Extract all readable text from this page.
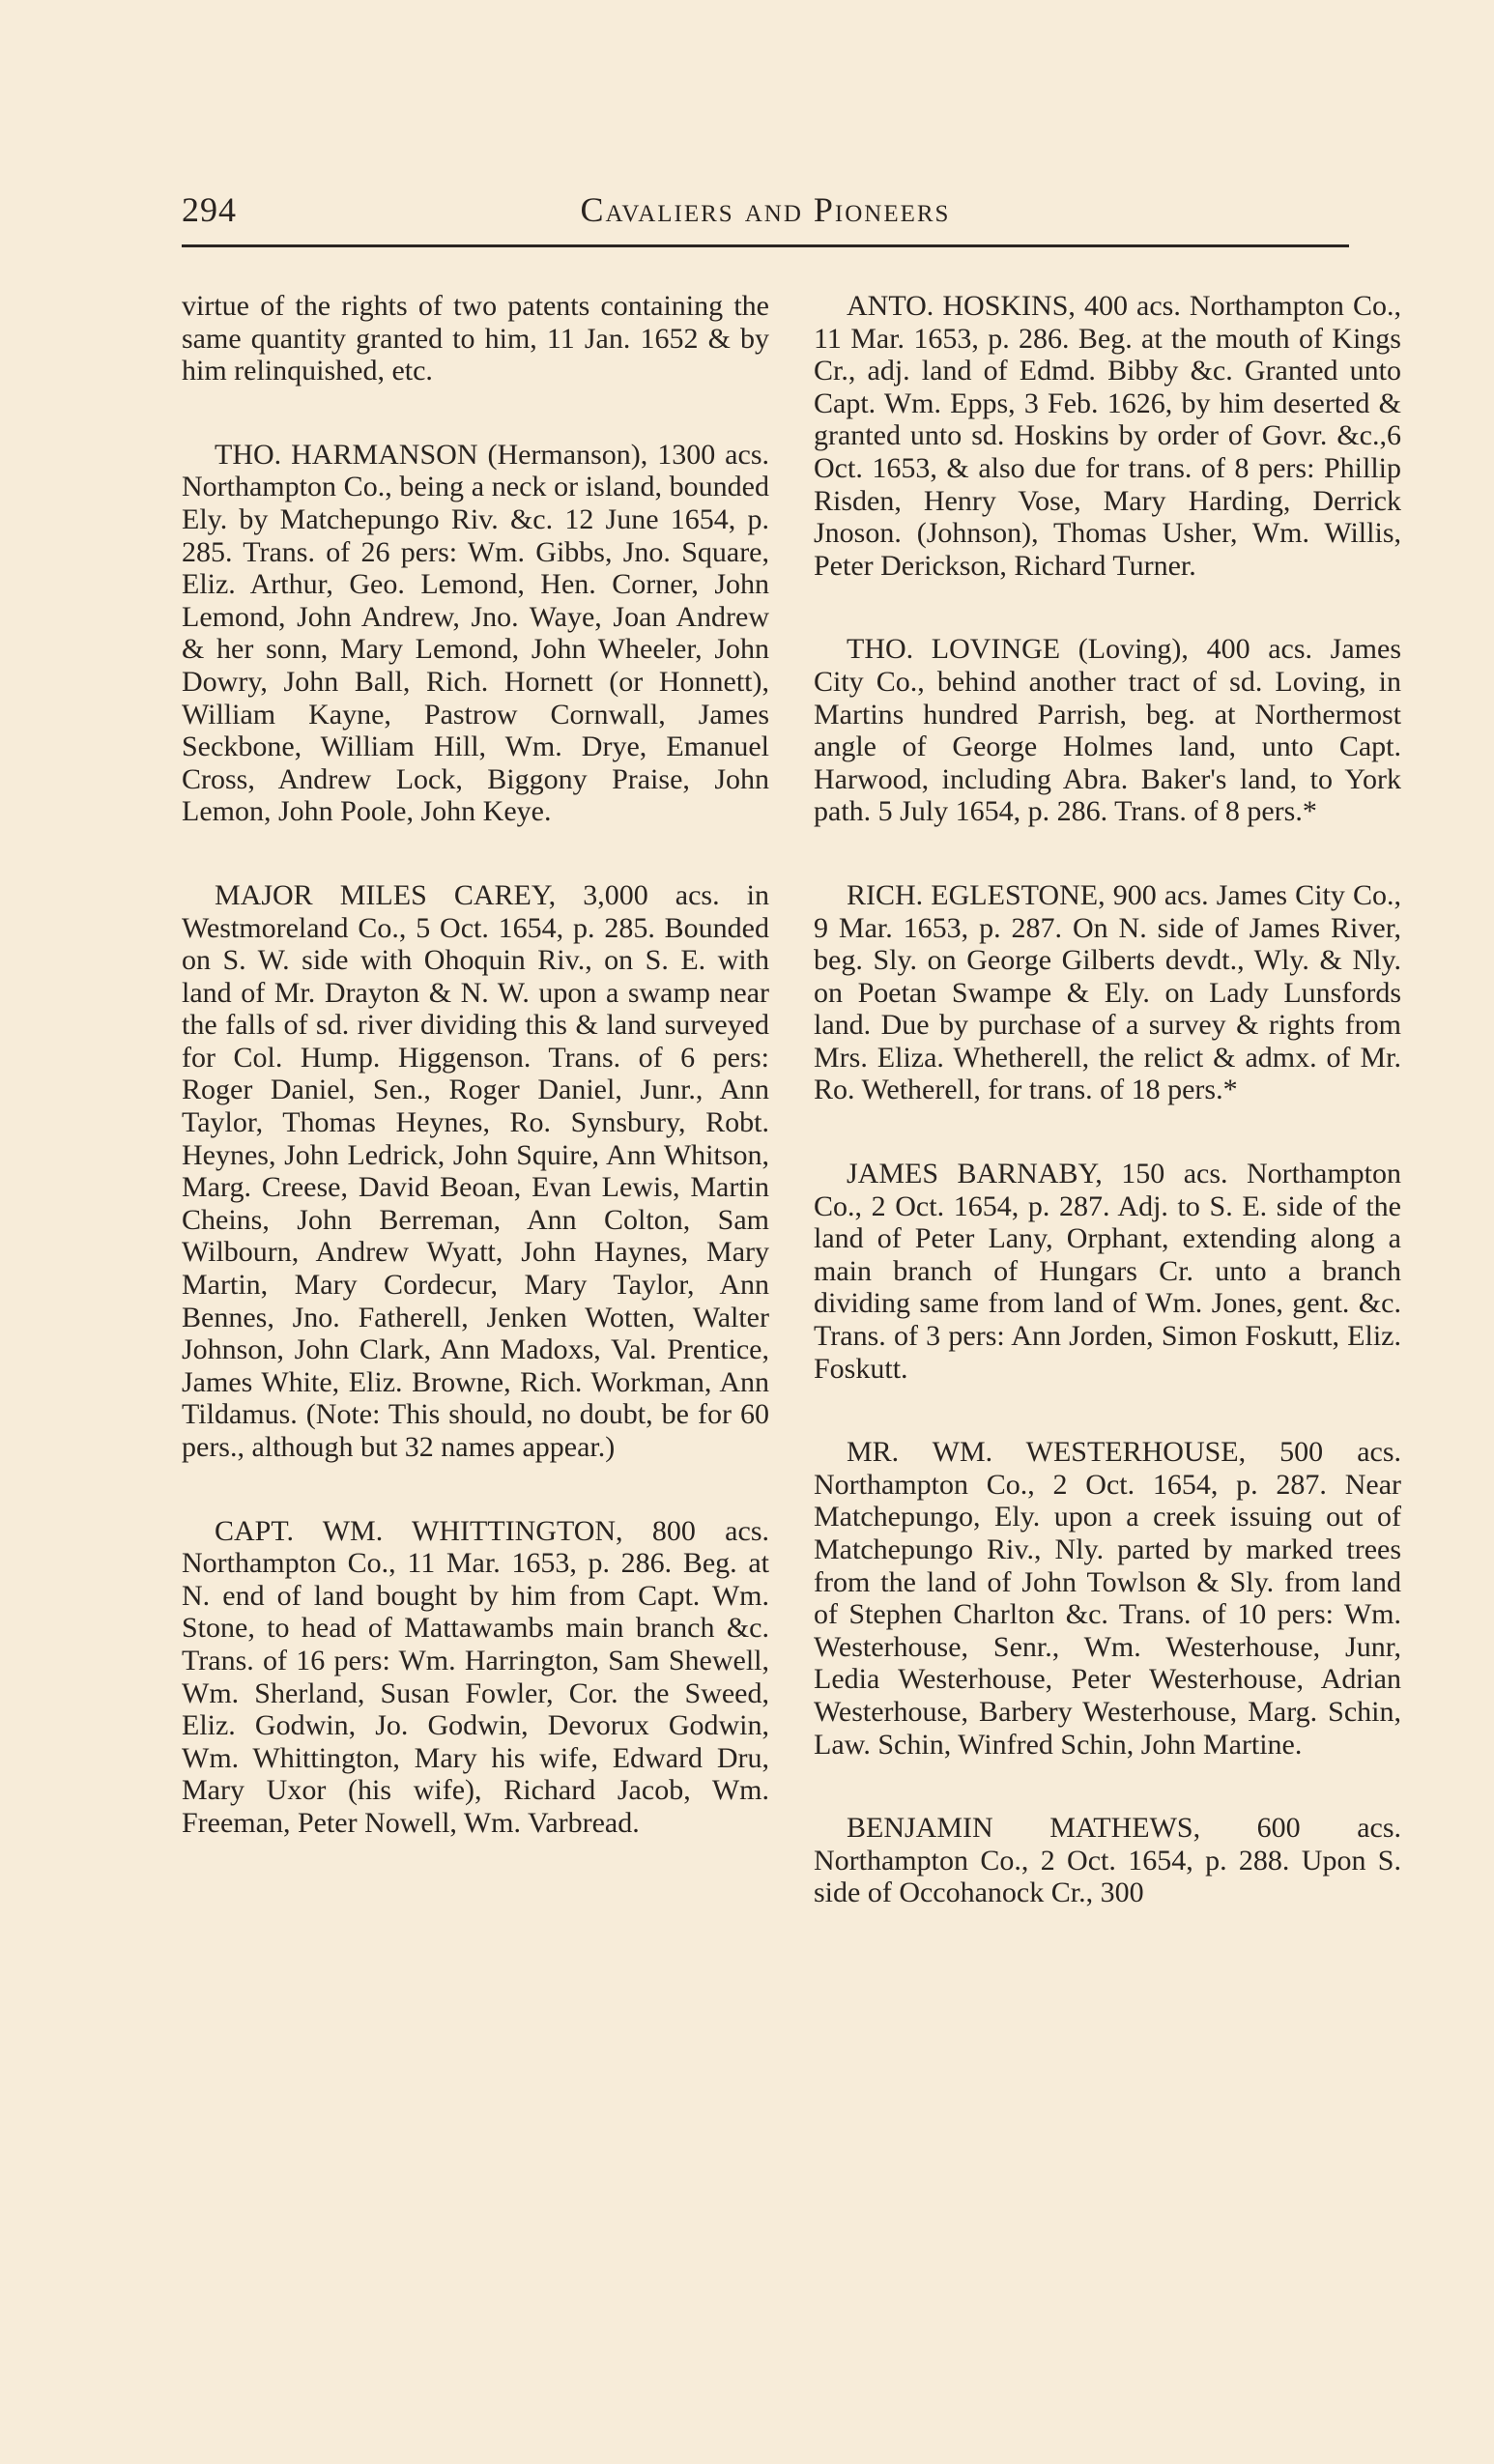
294	Cavaliers and Pioneers

virtue of the rights of two patents containing the same quantity granted to him, 11 Jan. 1652 & by him relinquished, etc.

THO. HARMANSON (Hermanson), 1300 acs. Northampton Co., being a neck or island, bounded Ely. by Matchepungo Riv. &c. 12 June 1654, p. 285. Trans. of 26 pers: Wm. Gibbs, Jno. Square, Eliz. Arthur, Geo. Lemond, Hen. Corner, John Lemond, John Andrew, Jno. Waye, Joan Andrew & her sonn, Mary Lemond, John Wheeler, John Dowry, John Ball, Rich. Hornett (or Honnett), William Kayne, Pastrow Cornwall, James Seckbone, William Hill, Wm. Drye, Emanuel Cross, Andrew Lock, Biggony Praise, John Lemon, John Poole, John Keye.

MAJOR MILES CAREY, 3,000 acs. in Westmoreland Co., 5 Oct. 1654, p. 285. Bounded on S. W. side with Ohoquin Riv., on S. E. with land of Mr. Drayton & N. W. upon a swamp near the falls of sd. river dividing this & land surveyed for Col. Hump. Higgenson. Trans. of 6 pers: Roger Daniel, Sen., Roger Daniel, Junr., Ann Taylor, Thomas Heynes, Ro. Synsbury, Robt. Heynes, John Ledrick, John Squire, Ann Whitson, Marg. Creese, David Beoan, Evan Lewis, Martin Cheins, John Berreman, Ann Colton, Sam Wilbourn, Andrew Wyatt, John Haynes, Mary Martin, Mary Cordecur, Mary Taylor, Ann Bennes, Jno. Fatherell, Jenken Wotten, Walter Johnson, John Clark, Ann Madoxs, Val. Prentice, James White, Eliz. Browne, Rich. Workman, Ann Tildamus. (Note: This should, no doubt, be for 60 pers., although but 32 names appear.)

CAPT. WM. WHITTINGTON, 800 acs. Northampton Co., 11 Mar. 1653, p. 286. Beg. at N. end of land bought by him from Capt. Wm. Stone, to head of Mattawambs main branch &c. Trans. of 16 pers: Wm. Harrington, Sam Shewell, Wm. Sherland, Susan Fowler, Cor. the Sweed, Eliz. Godwin, Jo. Godwin, Devorux Godwin, Wm. Whittington, Mary his wife, Edward Dru, Mary Uxor (his wife), Richard Jacob, Wm. Freeman, Peter Nowell, Wm. Varbread.

ANTO. HOSKINS, 400 acs. Northampton Co., 11 Mar. 1653, p. 286. Beg. at the mouth of Kings Cr., adj. land of Edmd. Bibby &c. Granted unto Capt. Wm. Epps, 3 Feb. 1626, by him deserted & granted unto sd. Hoskins by order of Govr. &c.,6 Oct. 1653, & also due for trans. of 8 pers: Phillip Risden, Henry Vose, Mary Harding, Derrick Jnoson. (Johnson), Thomas Usher, Wm. Willis, Peter Derickson, Richard Turner.

THO. LOVINGE (Loving), 400 acs. James City Co., behind another tract of sd. Loving, in Martins hundred Parrish, beg. at Northermost angle of George Holmes land, unto Capt. Harwood, including Abra. Baker's land, to York path. 5 July 1654, p. 286. Trans. of 8 pers.*

RICH. EGLESTONE, 900 acs. James City Co., 9 Mar. 1653, p. 287. On N. side of James River, beg. Sly. on George Gilberts devdt., Wly. & Nly. on Poetan Swampe & Ely. on Lady Lunsfords land. Due by purchase of a survey & rights from Mrs. Eliza. Whetherell, the relict & admx. of Mr. Ro. Wetherell, for trans. of 18 pers.*

JAMES BARNABY, 150 acs. Northampton Co., 2 Oct. 1654, p. 287. Adj. to S. E. side of the land of Peter Lany, Orphant, extending along a main branch of Hungars Cr. unto a branch dividing same from land of Wm. Jones, gent. &c. Trans. of 3 pers: Ann Jorden, Simon Foskutt, Eliz. Foskutt.

MR. WM. WESTERHOUSE, 500 acs. Northampton Co., 2 Oct. 1654, p. 287. Near Matchepungo, Ely. upon a creek issuing out of Matchepungo Riv., Nly. parted by marked trees from the land of John Towlson & Sly. from land of Stephen Charlton &c. Trans. of 10 pers: Wm. Westerhouse, Senr., Wm. Westerhouse, Junr, Ledia Westerhouse, Peter Westerhouse, Adrian Westerhouse, Barbery Westerhouse, Marg. Schin, Law. Schin, Winfred Schin, John Martine.

BENJAMIN MATHEWS, 600 acs. Northampton Co., 2 Oct. 1654, p. 288. Upon S. side of Occohanock Cr., 300
